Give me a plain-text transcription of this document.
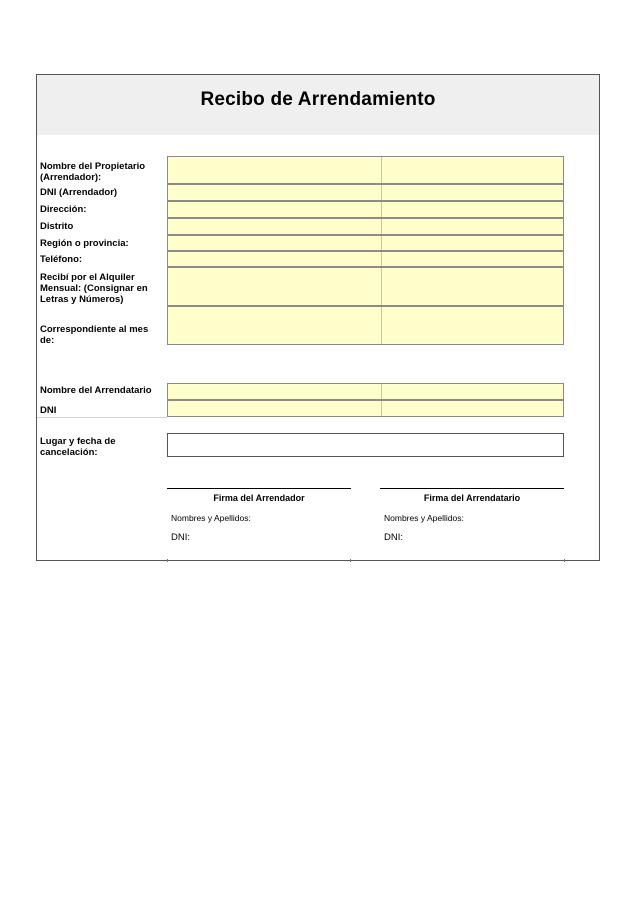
Recibo de Arrendamiento
Nombre del Propietario (Arrendador):
DNI (Arrendador)
Dirección:
Distrito
Región o provincia:
Teléfono:
Recibí por el Alquiler Mensual: (Consignar en Letras y Números)
Correspondiente al mes de:
Nombre del Arrendatario
DNI
Lugar y fecha de cancelación:
Firma del Arrendador
Nombres y Apellidos:
DNI:
Firma del Arrendatario
Nombres y Apellidos:
DNI:
